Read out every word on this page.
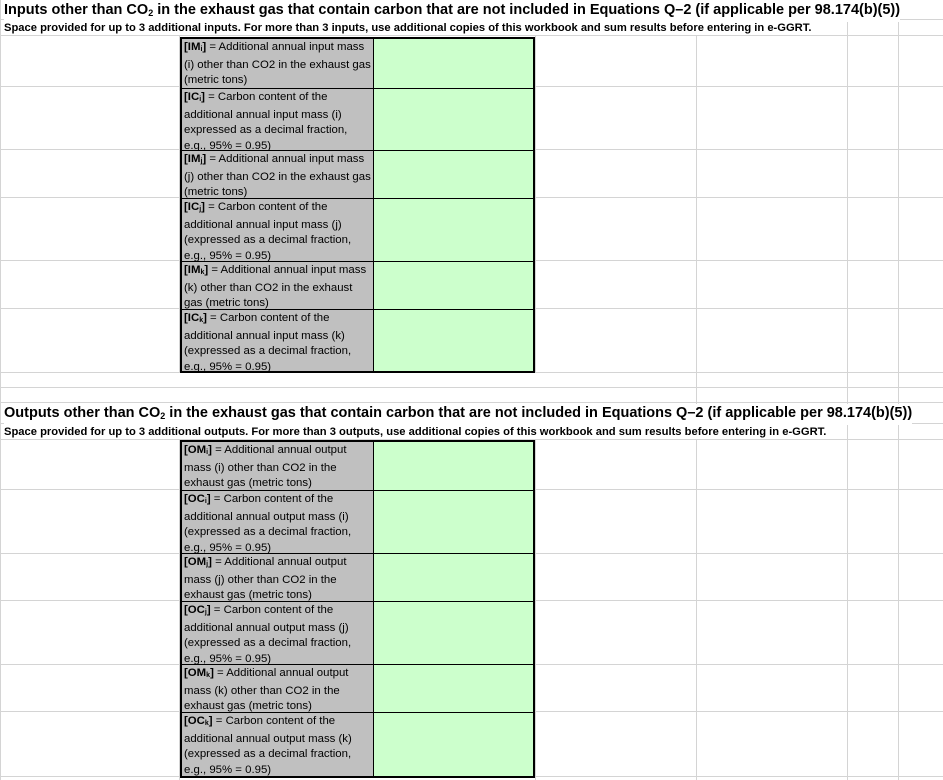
Inputs other than $CO_2$ in the exhaust gas that contain carbon that are not included in Equations Q–2 (if applicable per 98.174(b)(5))
Space provided for up to 3 additional inputs. For more than 3 inputs, use additional copies of this workbook and sum results before entering in e-GGRT.
$[IM_i]$ = Additional annual input mass (i) other than CO2 in the exhaust gas (metric tons)
$[IC_i]$ = Carbon content of the additional annual input mass (i) expressed as a decimal fraction, e.g., 95% = 0.95)
$[IM_j]$ = Additional annual input mass (j) other than CO2 in the exhaust gas (metric tons)
$[IC_j]$ = Carbon content of the additional annual input mass (j) (expressed as a decimal fraction, e.g., 95% = 0.95)
$[IM_k]$ = Additional annual input mass (k) other than CO2 in the exhaust gas (metric tons)
$[IC_k]$ = Carbon content of the additional annual input mass (k) (expressed as a decimal fraction, e.g., 95% = 0.95)
Outputs other than $CO_2$ in the exhaust gas that contain carbon that are not included in Equations Q–2 (if applicable per 98.174(b)(5))
Space provided for up to 3 additional outputs. For more than 3 outputs, use additional copies of this workbook and sum results before entering in e-GGRT.
$[OM_i]$ = Additional annual output mass (i) other than CO2 in the exhaust gas (metric tons)
$[OC_i]$ = Carbon content of the additional annual output mass (i) (expressed as a decimal fraction, e.g., 95% = 0.95)
$[OM_j]$ = Additional annual output mass (j) other than CO2 in the exhaust gas (metric tons)
$[OC_j]$ = Carbon content of the additional annual output mass (j) (expressed as a decimal fraction, e.g., 95% = 0.95)
$[OM_k]$ = Additional annual output mass (k) other than CO2 in the exhaust gas (metric tons)
$[OC_k]$ = Carbon content of the additional annual output mass (k) (expressed as a decimal fraction, e.g., 95% = 0.95)
